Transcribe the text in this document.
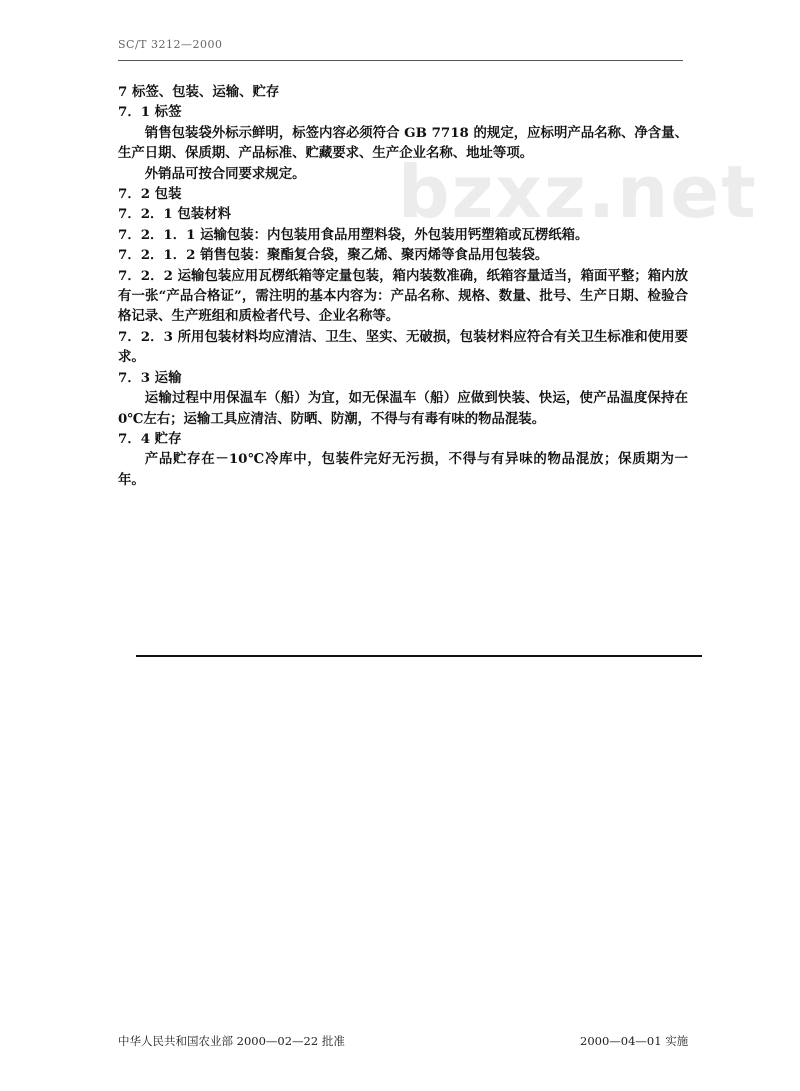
SC/T 3212—2000
bzxz.net
7 标签、包装、运输、贮存
7．1 标签
销售包装袋外标示鲜明，标签内容必须符合 GB 7718 的规定，应标明产品名称、净含量、生产日期、保质期、产品标准、贮藏要求、生产企业名称、地址等项。
外销品可按合同要求规定。
7．2 包装
7．2．1 包装材料
7．2．1．1 运输包装：内包装用食品用塑料袋，外包装用钙塑箱或瓦楞纸箱。
7．2．1．2 销售包装：聚酯复合袋，聚乙烯、聚丙烯等食品用包装袋。
7．2．2 运输包装应用瓦楞纸箱等定量包装，箱内装数准确，纸箱容量适当，箱面平整；箱内放有一张“产品合格证”，需注明的基本内容为：产品名称、规格、数量、批号、生产日期、检验合格记录、生产班组和质检者代号、企业名称等。
7．2．3 所用包装材料均应清洁、卫生、坚实、无破损，包装材料应符合有关卫生标准和使用要求。
7．3 运输
运输过程中用保温车（船）为宜，如无保温车（船）应做到快装、快运，使产品温度保持在 0℃左右；运输工具应清洁、防晒、防潮，不得与有毒有味的物品混装。
7．4 贮存
产品贮存在－10℃冷库中，包装件完好无污损，不得与有异味的物品混放；保质期为一年。
中华人民共和国农业部 2000—02—22 批准	2000—04—01 实施
